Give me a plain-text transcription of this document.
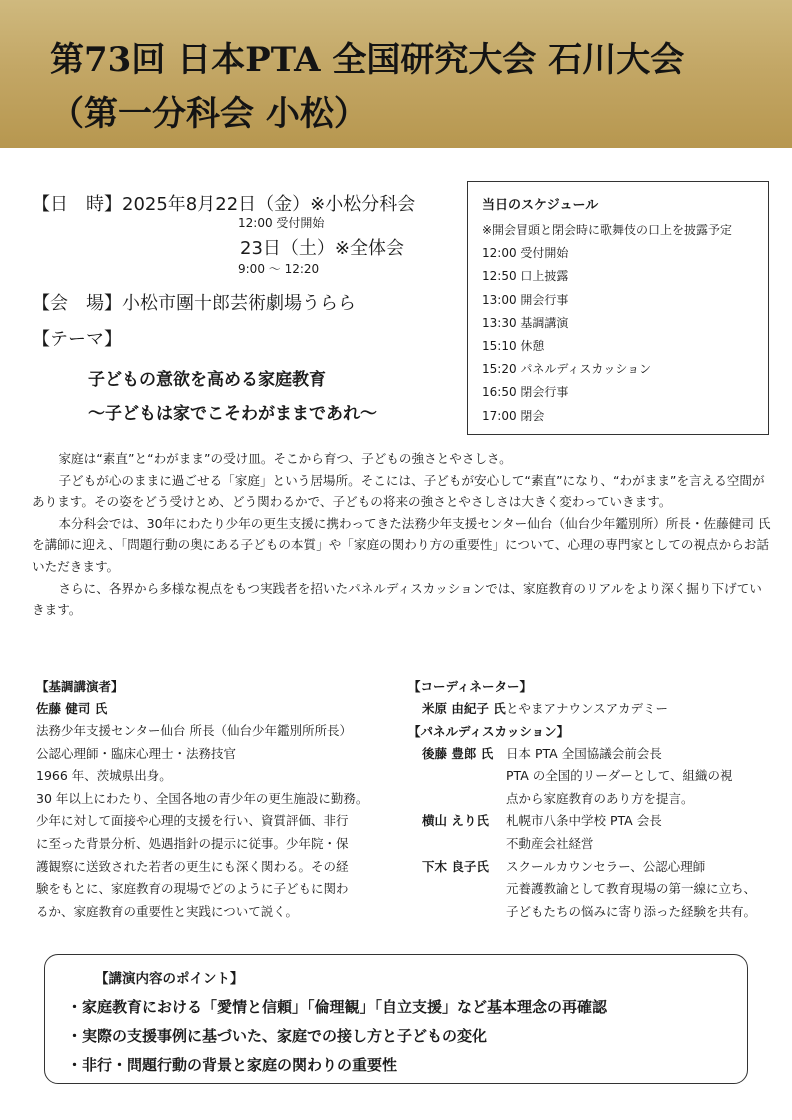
第73回 日本PTA 全国研究大会 石川大会
（第一分科会 小松）
【日　時】 2025年8月22日（金）※小松分科会
12:00 受付開始
23日（土）※全体会
9:00 ～ 12:20
【会　場】 小松市團十郎芸術劇場うらら
【テーマ】
子どもの意欲を高める家庭教育
～子どもは家でこそわがままであれ～
当日のスケジュール
※開会冒頭と閉会時に歌舞伎の口上を披露予定
12:00 受付開始
12:50 口上披露
13:00 開会行事
13:30 基調講演
15:10 休憩
15:20 パネルディスカッション
16:50 閉会行事
17:00 閉会
家庭は“素直”と“わがまま”の受け皿。そこから育つ、子どもの強さとやさしさ。
子どもが心のままに過ごせる「家庭」という居場所。そこには、子どもが安心して“素直”になり、“わがまま”を言える空間があります。その姿をどう受けとめ、どう関わるかで、子どもの将来の強さとやさしさは大きく変わっていきます。
本分科会では、30年にわたり少年の更生支援に携わってきた法務少年支援センター仙台（仙台少年鑑別所）所長・佐藤健司 氏を講師に迎え、「問題行動の奥にある子どもの本質」や「家庭の関わり方の重要性」について、心理の専門家としての視点からお話いただきます。
さらに、各界から多様な視点をもつ実践者を招いたパネルディスカッションでは、家庭教育のリアルをより深く掘り下げていきます。
【基調講演者】
佐藤 健司 氏
法務少年支援センター仙台 所長（仙台少年鑑別所所長）
公認心理師・臨床心理士・法務技官
1966 年、茨城県出身。
30 年以上にわたり、全国各地の青少年の更生施設に勤務。
少年に対して面接や心理的支援を行い、資質評価、非行
に至った背景分析、処遇指針の提示に従事。少年院・保
護観察に送致された若者の更生にも深く関わる。その経
験をもとに、家庭教育の現場でどのように子どもに関わ
るか、家庭教育の重要性と実践について説く。
【コーディネーター】
米原 由紀子 氏 とやまアナウンスアカデミー
【パネルディスカッション】
後藤 豊郎 氏	日本 PTA 全国協議会前会長
PTA の全国的リーダーとして、組織の視
点から家庭教育のあり方を提言。
横山 えり氏	札幌市八条中学校 PTA 会長
不動産会社経営
下木 良子氏	スクールカウンセラー、公認心理師
元養護教諭として教育現場の第一線に立ち、
子どもたちの悩みに寄り添った経験を共有。
【講演内容のポイント】
・家庭教育における「愛情と信頼」「倫理観」「自立支援」など基本理念の再確認
・実際の支援事例に基づいた、家庭での接し方と子どもの変化
・非行・問題行動の背景と家庭の関わりの重要性
